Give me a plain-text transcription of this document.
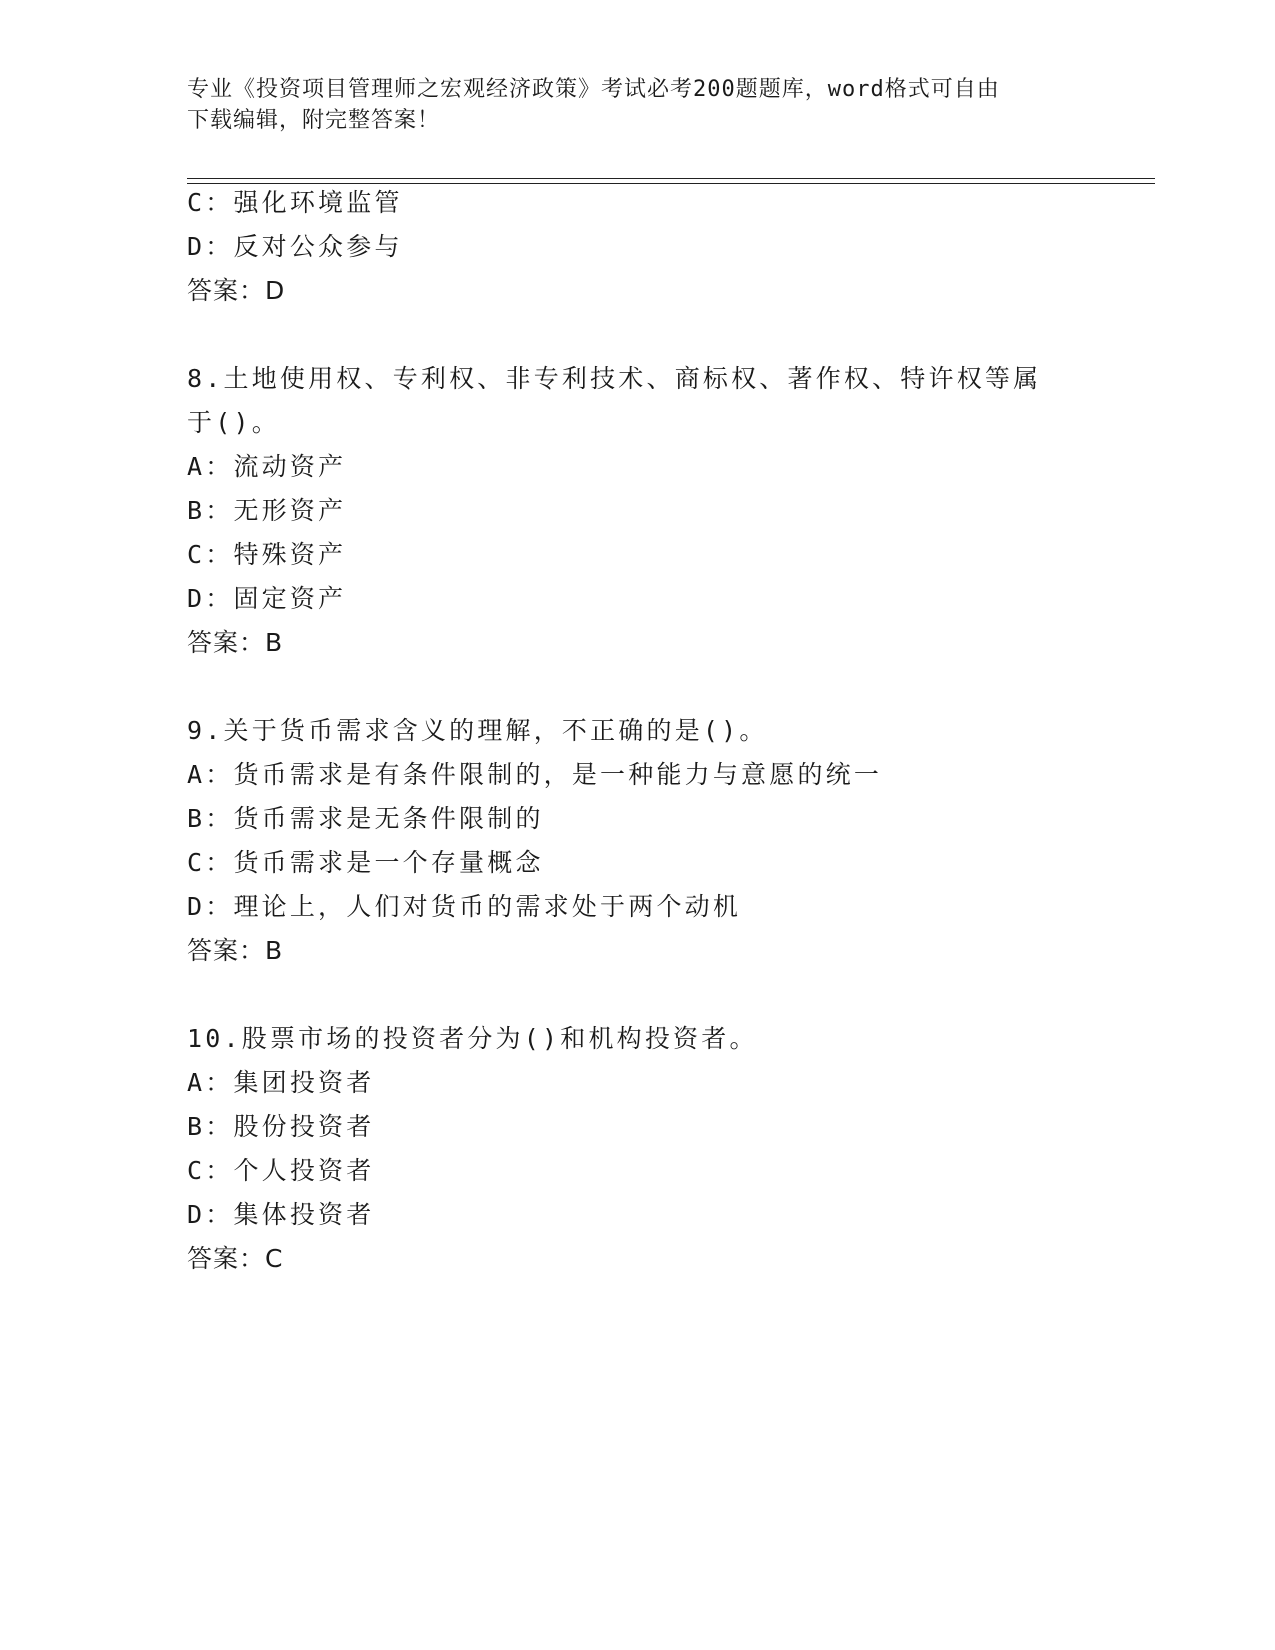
专业《投资项目管理师之宏观经济政策》考试必考200题题库，word格式可自由
下载编辑，附完整答案！
C：强化环境监管
D：反对公众参与
答案：D
8.土地使用权、专利权、非专利技术、商标权、著作权、特许权等属
于()。
A：流动资产
B：无形资产
C：特殊资产
D：固定资产
答案：B
9.关于货币需求含义的理解，不正确的是()。
A：货币需求是有条件限制的，是一种能力与意愿的统一
B：货币需求是无条件限制的
C：货币需求是一个存量概念
D：理论上，人们对货币的需求处于两个动机
答案：B
10.股票市场的投资者分为()和机构投资者。
A：集团投资者
B：股份投资者
C：个人投资者
D：集体投资者
答案：C
